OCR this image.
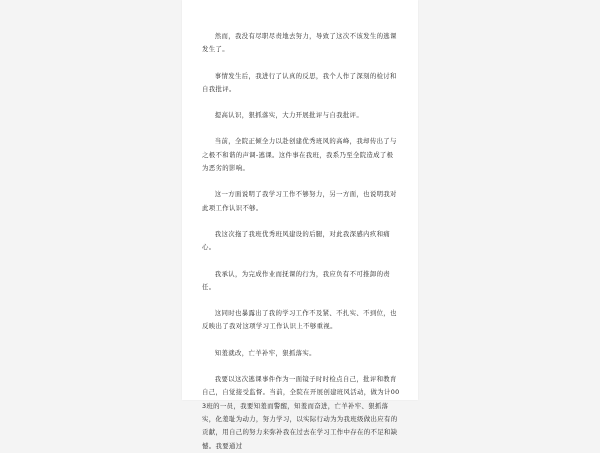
然而，我没有尽职尽责地去努力，导致了这次不该发生的逃课发生了。

事情发生后，我进行了认真的反思，我个人作了深刻的检讨和自我批评。

提高认识，狠抓落实，大力开展批评与自我批评。

当前，全院正倾全力以赴创建优秀班风的高峰，我却传出了与之极不和谐的声调-逃课。这件事在我班，我系乃至全院造成了极为恶劣的影响。

这一方面说明了我学习工作不够努力，另一方面，也说明我对此项工作认识不够。

我这次拖了我班优秀班风建设的后腿，对此我深感内疚和痛心。

我承认，为完成作业而抚课的行为，我应负有不可推卸的责任。

这同时也暴露出了我的学习工作不及紧、不扎实、不到位，也反映出了我对这项学习工作认识上不够重视。

知羞就改，亡羊补牢，狠抓落实。

我要以这次逃课事件作为一面镜子时时检点自己，批评和教育自己，自觉接受监督。当前，全院在开展创建班风活动，做为计003班的一员，我要知羞而警醒，知羞而奋进，亡羊补牢、狠抓落实，化羞耻为动力，努力学习，以实际行动为为我班级做出应有的贡献，用自己的努力来弥补我在过去在学习工作中存在的不足和缺憾。我要通过
